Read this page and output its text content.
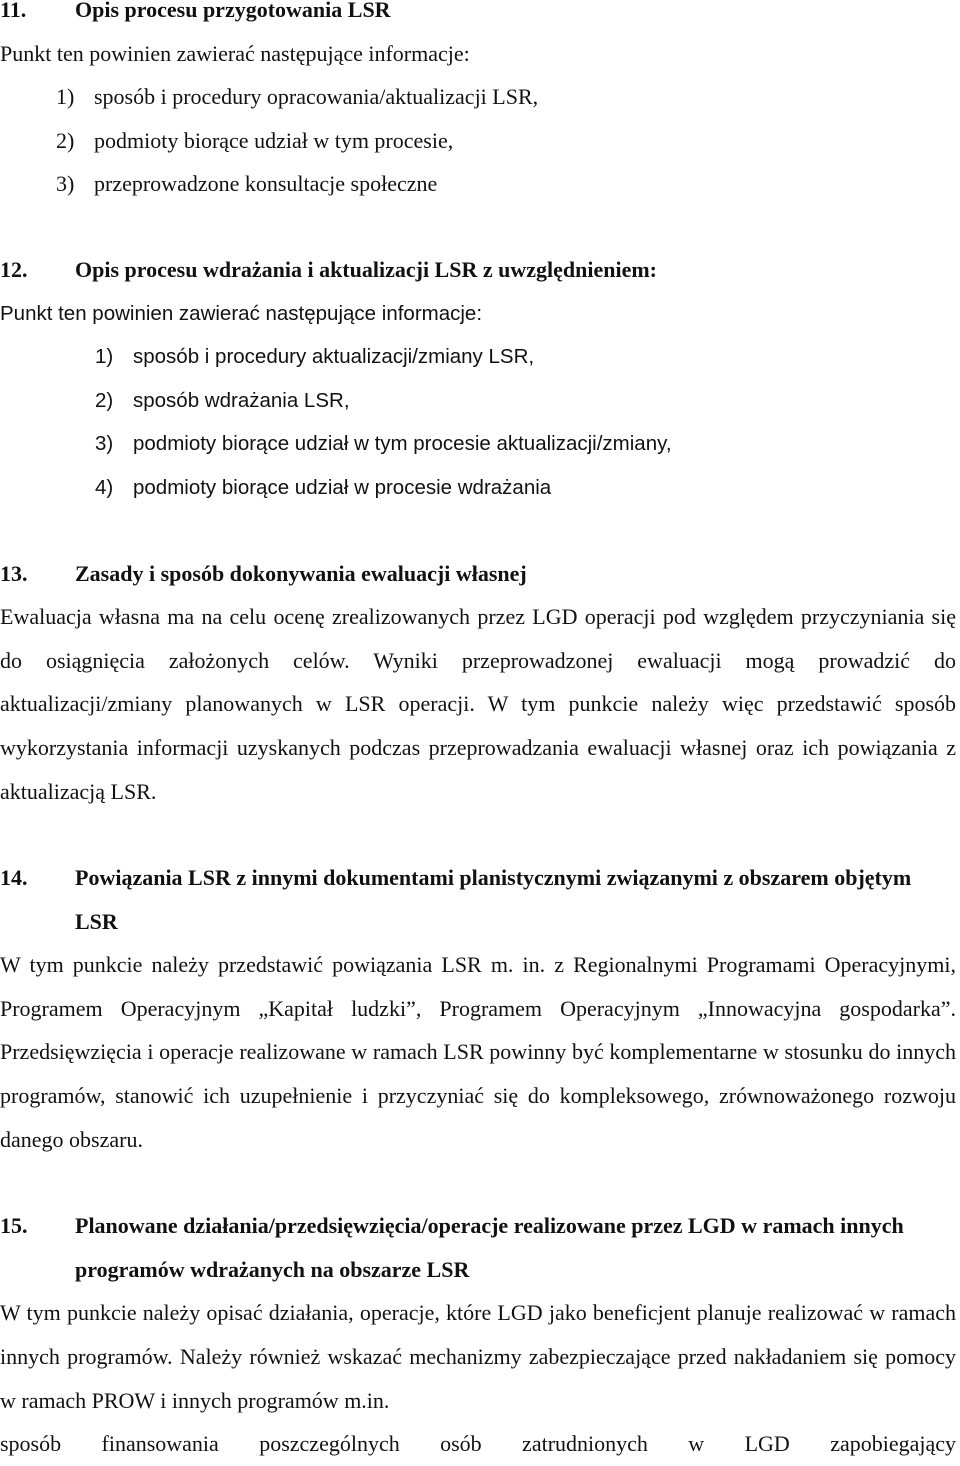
11. Opis procesu przygotowania LSR
Punkt ten powinien zawierać następujące informacje:
1) sposób i procedury opracowania/aktualizacji LSR,
2) podmioty biorące udział w tym procesie,
3) przeprowadzone konsultacje społeczne
12. Opis procesu wdrażania i aktualizacji LSR z uwzględnieniem:
Punkt ten powinien zawierać następujące informacje:
1) sposób i procedury aktualizacji/zmiany LSR,
2) sposób wdrażania LSR,
3) podmioty biorące udział w tym procesie aktualizacji/zmiany,
4) podmioty biorące udział w procesie wdrażania
13. Zasady i sposób dokonywania ewaluacji własnej
Ewaluacja własna ma na celu ocenę zrealizowanych przez LGD operacji pod względem przyczyniania się do osiągnięcia założonych celów. Wyniki przeprowadzonej ewaluacji mogą prowadzić do aktualizacji/zmiany planowanych w LSR operacji. W tym punkcie należy więc przedstawić sposób wykorzystania informacji uzyskanych podczas przeprowadzania ewaluacji własnej oraz ich powiązania z aktualizacją LSR.
14.	Powiązania LSR z innymi dokumentami planistycznymi związanymi z obszarem objętym LSR
W tym punkcie należy przedstawić powiązania LSR m. in. z Regionalnymi Programami Operacyjnymi, Programem Operacyjnym „Kapitał ludzki”, Programem Operacyjnym „Innowacyjna gospodarka”. Przedsięwzięcia i operacje realizowane w ramach LSR powinny być komplementarne w stosunku do innych programów, stanowić ich uzupełnienie i przyczyniać się do kompleksowego, zrównoważonego rozwoju danego obszaru.
15.	Planowane działania/przedsięwzięcia/operacje realizowane przez LGD w ramach innych programów wdrażanych na obszarze LSR
W tym punkcie należy opisać działania, operacje, które LGD jako beneficjent planuje realizować w ramach innych programów. Należy również wskazać mechanizmy zabezpieczające przed nakładaniem się pomocy w ramach PROW i innych programów m.in.
sposób finansowania poszczególnych osób zatrudnionych w LGD zapobiegający
